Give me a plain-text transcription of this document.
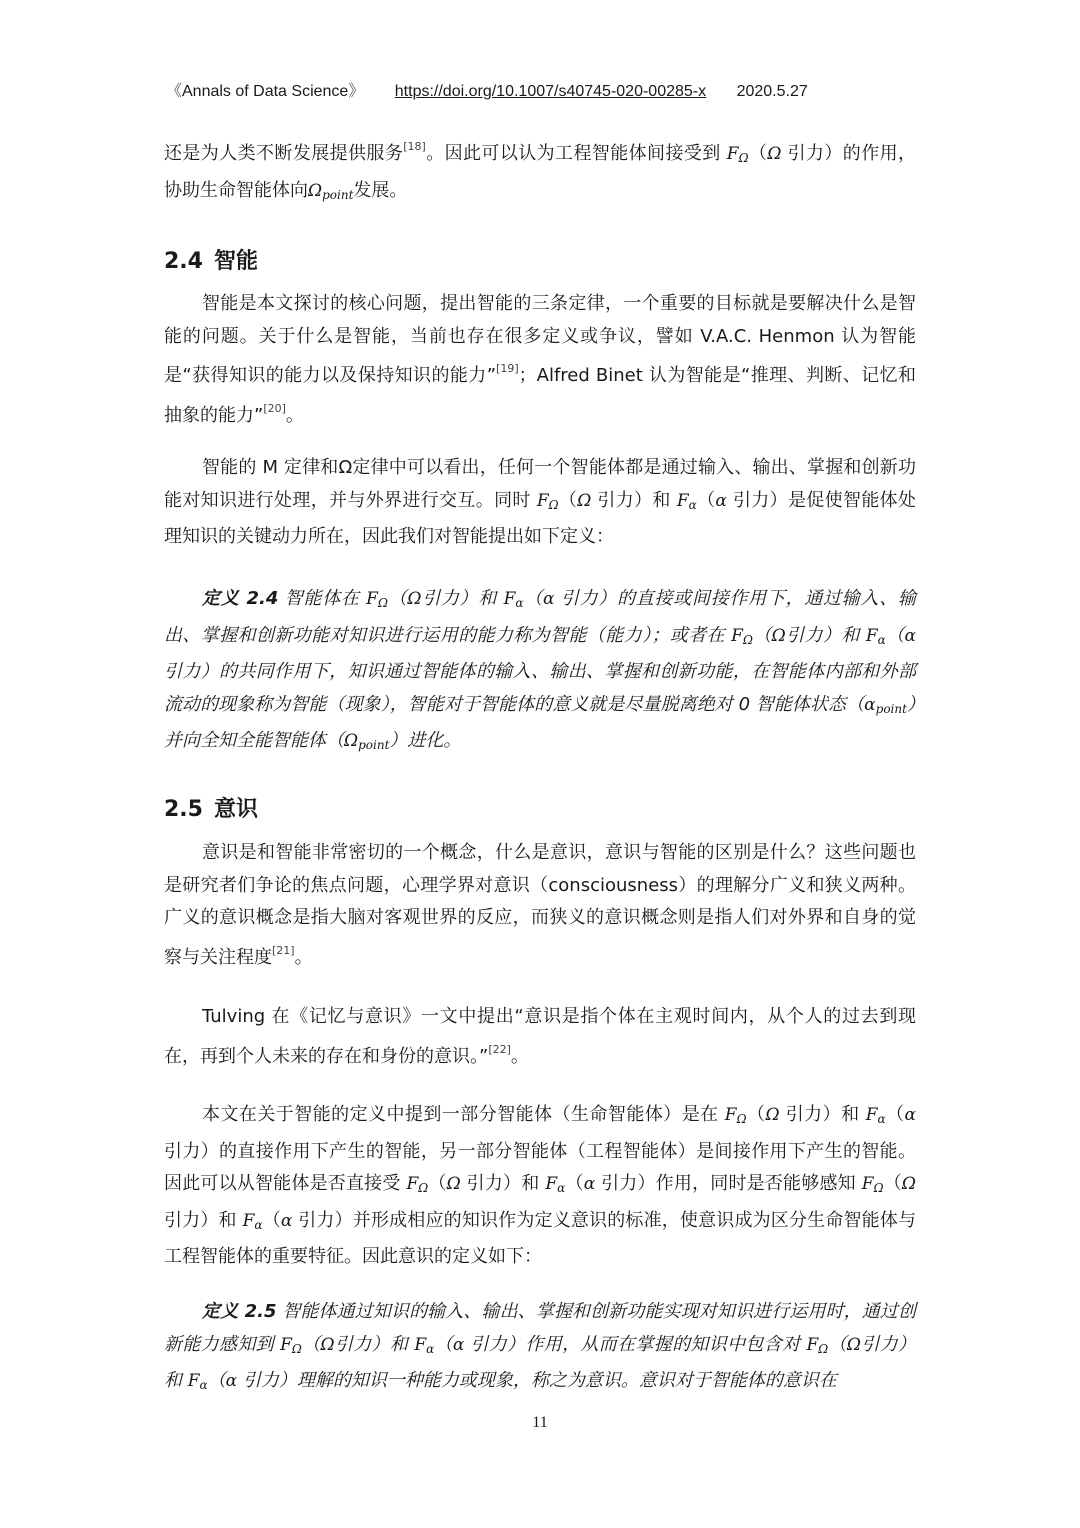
《Annals of Data Science》 https://doi.org/10.1007/s40745-020-00285-x 2020.5.27

还是为人类不断发展提供服务[18]。因此可以认为工程智能体间接受到 $F_\Omega(\Omega$ 引力）的作用，协助生命智能体向$\Omega_{point}$发展。

2.4 智能

智能是本文探讨的核心问题，提出智能的三条定律，一个重要的目标就是要解决什么是智能的问题。关于什么是智能，当前也存在很多定义或争议，譬如 V.A.C. Henmon 认为智能是“获得知识的能力以及保持知识的能力”[19]；Alfred Binet 认为智能是“推理、判断、记忆和抽象的能力”[20]。

智能的 M 定律和Ω定律中可以看出，任何一个智能体都是通过输入、输出、掌握和创新功能对知识进行处理，并与外界进行交互。同时 $F_\Omega(\Omega$ 引力）和 $F_\alpha(\alpha$ 引力）是促使智能体处理知识的关键动力所在，因此我们对智能提出如下定义：

定义 2.4 智能体在 $F_\Omega(\Omega$引力）和 $F_\alpha(\alpha$ 引力）的直接或间接作用下，通过输入、输出、掌握和创新功能对知识进行运用的能力称为智能（能力）；或者在 $F_\Omega(\Omega$引力）和 $F_\alpha(\alpha$ 引力）的共同作用下，知识通过智能体的输入、输出、掌握和创新功能，在智能体内部和外部流动的现象称为智能（现象），智能对于智能体的意义就是尽量脱离绝对 0 智能体状态$(\alpha_{point})$并向全知全能智能体$(\Omega_{point})$进化。

2.5 意识

意识是和智能非常密切的一个概念，什么是意识，意识与智能的区别是什么？这些问题也是研究者们争论的焦点问题，心理学界对意识（consciousness）的理解分广义和狭义两种。广义的意识概念是指大脑对客观世界的反应，而狭义的意识概念则是指人们对外界和自身的觉察与关注程度[21]。

Tulving 在《记忆与意识》一文中提出“意识是指个体在主观时间内，从个人的过去到现在，再到个人未来的存在和身份的意识。”[22]。

本文在关于智能的定义中提到一部分智能体（生命智能体）是在 $F_\Omega(\Omega$ 引力）和 $F_\alpha(\alpha$ 引力）的直接作用下产生的智能，另一部分智能体（工程智能体）是间接作用下产生的智能。因此可以从智能体是否直接受 $F_\Omega(\Omega$ 引力）和 $F_\alpha(\alpha$ 引力）作用，同时是否能够感知 $F_\Omega(\Omega$引力）和 $F_\alpha(\alpha$ 引力）并形成相应的知识作为定义意识的标准，使意识成为区分生命智能体与工程智能体的重要特征。因此意识的定义如下：

定义 2.5 智能体通过知识的输入、输出、掌握和创新功能实现对知识进行运用时，通过创新能力感知到 $F_\Omega(\Omega$引力）和 $F_\alpha(\alpha$ 引力）作用，从而在掌握的知识中包含对 $F_\Omega(\Omega$引力）和 $F_\alpha(\alpha$ 引力）理解的知识一种能力或现象，称之为意识。意识对于智能体的意识在

11
